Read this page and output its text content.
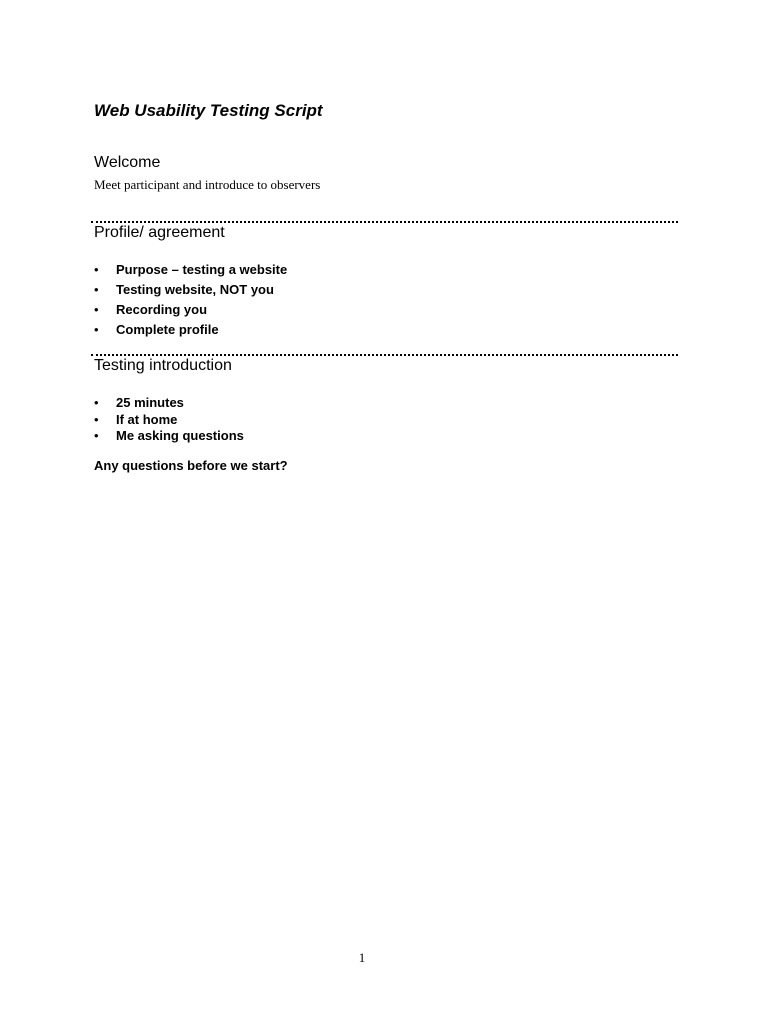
Web Usability Testing Script
Welcome

Meet participant and introduce to observers

Profile/ agreement
• Purpose – testing a website
• Testing website, NOT you
• Recording you
• Complete profile
Testing introduction
• 25 minutes
• If at home
• Me asking questions

Any questions before we start?

1
